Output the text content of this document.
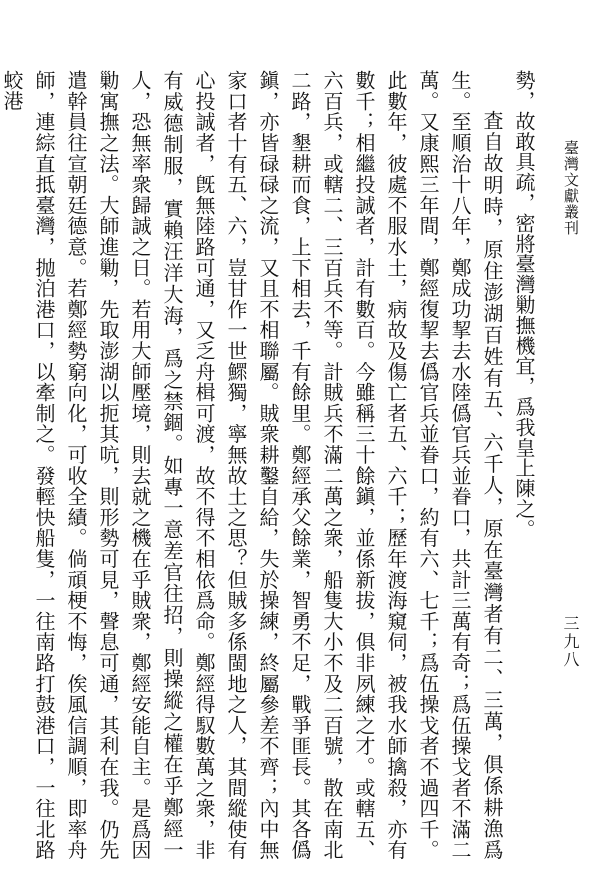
臺灣文獻叢刊
三九八

勢，故敢具疏，密將臺灣勦撫機宜，爲我皇上陳之。

査自故明時，原住澎湖百姓有五、六千人，原在臺灣者有二、三萬，俱係耕漁爲生。至順治十八年，鄭成功挈去水陸僞官兵並眷口，共計三萬有奇；爲伍操戈者不滿二萬。又康熙三年間，鄭經復挈去僞官兵並眷口，約有六、七千；爲伍操戈者不過四千。此數年，彼處不服水土，病故及傷亡者五、六千；歷年渡海窺伺，被我水師擒殺，亦有數千；相繼投誠者，計有數百。今雖稱三十餘鎭，並係新拔，俱非夙練之才。或轄五、六百兵，或轄二、三百兵不等。計賊兵不滿二萬之衆，船隻大小不及二百號，散在南北二路，墾耕而食，上下相去，千有餘里。鄭經承父餘業，智勇不足，戰爭匪長。其各僞鎭，亦皆碌碌之流，又且不相聯屬。賊衆耕鑿自給，失於操練，終屬參差不齊；內中無家口者十有五、六，豈甘作一世鰥獨，寧無故土之思？但賊多係閩地之人，其間縱使有心投誠者，旣無陸路可通，又乏舟楫可渡，故不得不相依爲命。鄭經得馭數萬之衆，非有威德制服，實賴汪洋大海，爲之禁錮。如專一意差官往招，則操縱之權在乎鄭經一人，恐無率衆歸誠之日。若用大師壓境，則去就之機在乎賊衆，鄭經安能自主。是爲因勦寓撫之法。大師進勦，先取澎湖以扼其吭，則形勢可見，聲息可通，其利在我。仍先遣幹員往宣朝廷德意。若鄭經勢窮向化，可收全績。倘頑梗不悔，俟風信調順，即率舟師，連綜直抵臺灣，抛泊港口，以牽制之。發輕快船隻，一往南路打鼓港口，一往北路蛟港
